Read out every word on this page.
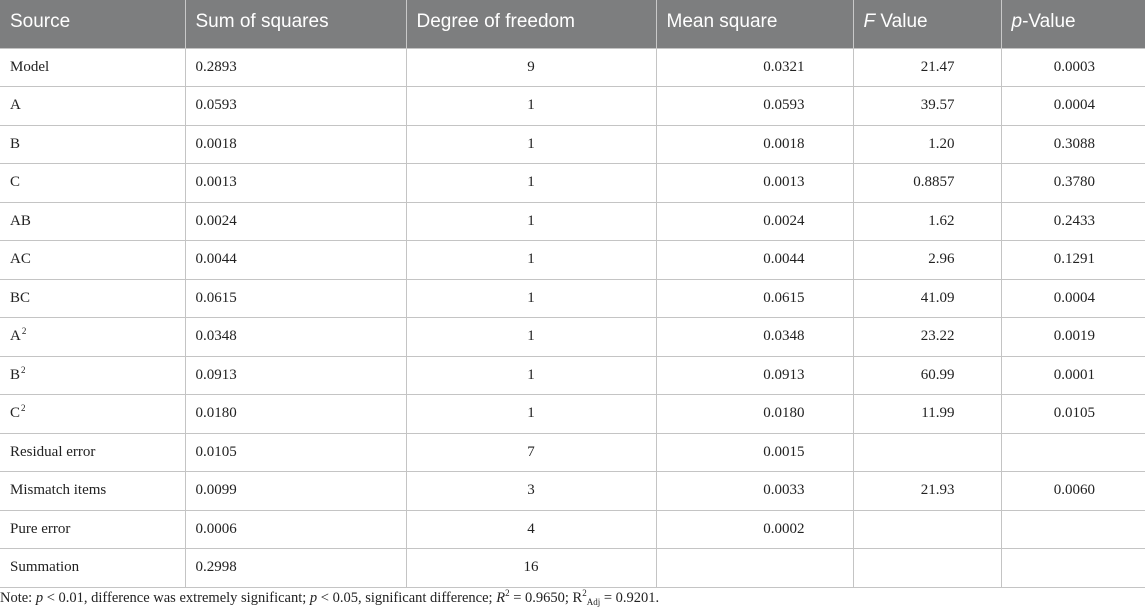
Source	Sum of squares	Degree of freedom	Mean square	F Value	p-Value
Model	0.2893	9	0.0321	21.47	0.0003
A	0.0593	1	0.0593	39.57	0.0004
B	0.0018	1	0.0018	1.20	0.3088
C	0.0013	1	0.0013	0.8857	0.3780
AB	0.0024	1	0.0024	1.62	0.2433
AC	0.0044	1	0.0044	2.96	0.1291
BC	0.0615	1	0.0615	41.09	0.0004
$A^2$	0.0348	1	0.0348	23.22	0.0019
$B^2$	0.0913	1	0.0913	60.99	0.0001
$C^2$	0.0180	1	0.0180	11.99	0.0105
Residual error	0.0105	7	0.0015		
Mismatch items	0.0099	3	0.0033	21.93	0.0060
Pure error	0.0006	4	0.0002		
Summation	0.2998	16			
Note: p < 0.01, difference was extremely significant; p < 0.05, significant difference; $R^2 = 0.9650$; $R^2_{Adj} = 0.9201$.
